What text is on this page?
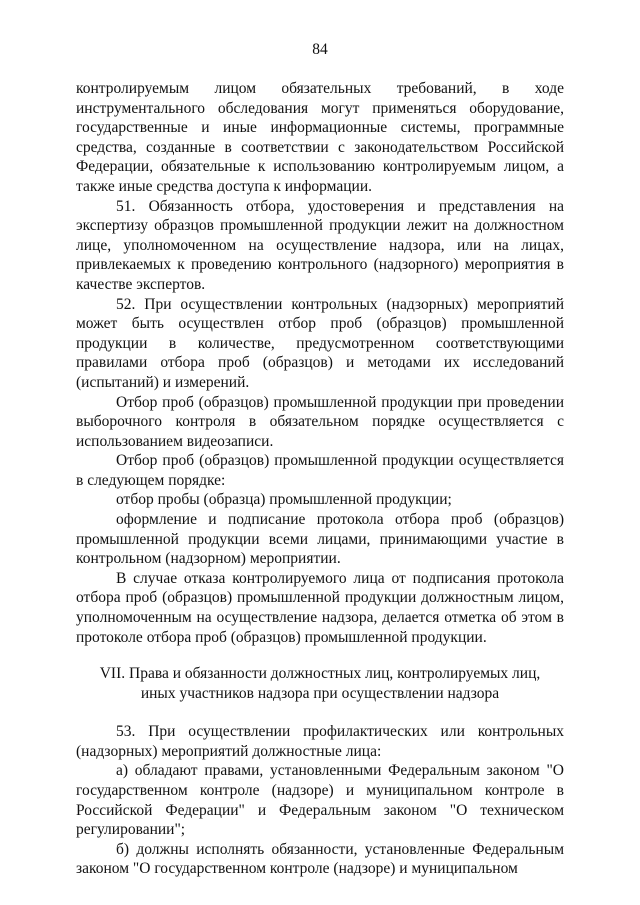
84

контролируемым лицом обязательных требований, в ходе инструментального обследования могут применяться оборудование, государственные и иные информационные системы, программные средства, созданные в соответствии с законодательством Российской Федерации, обязательные к использованию контролируемым лицом, а также иные средства доступа к информации.

51. Обязанность отбора, удостоверения и представления на экспертизу образцов промышленной продукции лежит на должностном лице, уполномоченном на осуществление надзора, или на лицах, привлекаемых к проведению контрольного (надзорного) мероприятия в качестве экспертов.

52. При осуществлении контрольных (надзорных) мероприятий может быть осуществлен отбор проб (образцов) промышленной продукции в количестве, предусмотренном соответствующими правилами отбора проб (образцов) и методами их исследований (испытаний) и измерений.

Отбор проб (образцов) промышленной продукции при проведении выборочного контроля в обязательном порядке осуществляется с использованием видеозаписи.

Отбор проб (образцов) промышленной продукции осуществляется в следующем порядке:

отбор пробы (образца) промышленной продукции;

оформление и подписание протокола отбора проб (образцов) промышленной продукции всеми лицами, принимающими участие в контрольном (надзорном) мероприятии.

В случае отказа контролируемого лица от подписания протокола отбора проб (образцов) промышленной продукции должностным лицом, уполномоченным на осуществление надзора, делается отметка об этом в протоколе отбора проб (образцов) промышленной продукции.

VII. Права и обязанности должностных лиц, контролируемых лиц,
иных участников надзора при осуществлении надзора

53. При осуществлении профилактических или контрольных (надзорных) мероприятий должностные лица:

а) обладают правами, установленными Федеральным законом "О государственном контроле (надзоре) и муниципальном контроле в Российской Федерации" и Федеральным законом "О техническом регулировании";

б) должны исполнять обязанности, установленные Федеральным законом "О государственном контроле (надзоре) и муниципальном
